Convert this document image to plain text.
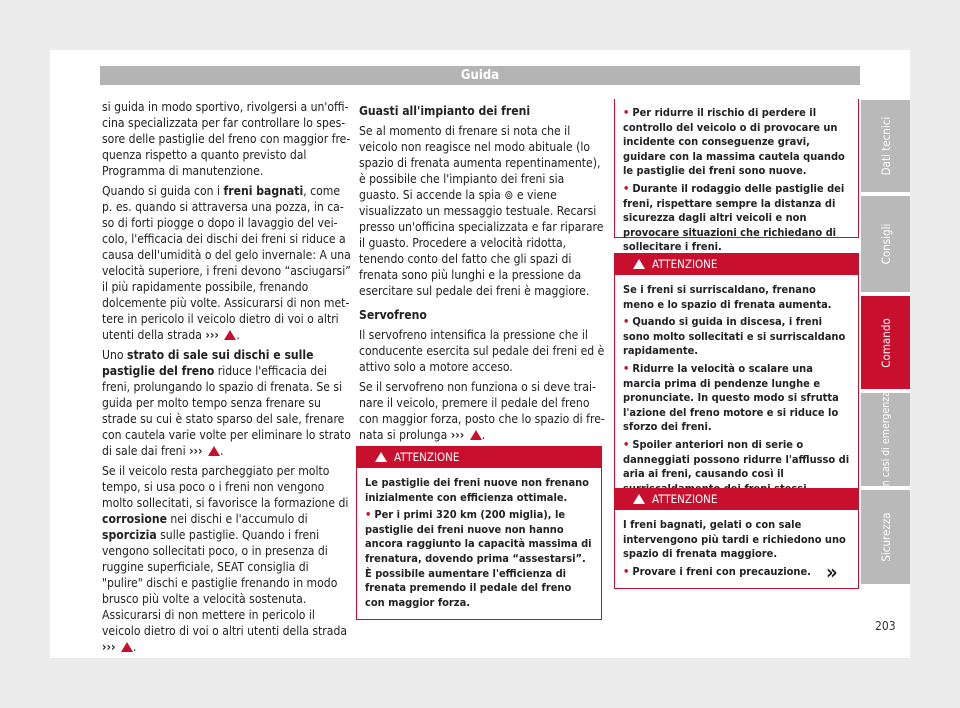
Guida

si guida in modo sportivo, rivolgersi a un'officina specializzata per far controllare lo spessore delle pastiglie del freno con maggior frequenza rispetto a quanto previsto dal Programma di manutenzione.

Quando si guida con i freni bagnati, come p. es. quando si attraversa una pozza, in caso di forti piogge o dopo il lavaggio del veicolo, l'efficacia dei dischi dei freni si riduce a causa dell'umidità o del gelo invernale: A una velocità superiore, i freni devono “asciugarsi” il più rapidamente possibile, frenando dolcemente più volte. Assicurarsi di non mettere in pericolo il veicolo dietro di voi o altri utenti della strada ››› .

Uno strato di sale sui dischi e sulle pastiglie del freno riduce l'efficacia dei freni, prolungando lo spazio di frenata. Se si guida per molto tempo senza frenare su strade su cui è stato sparso del sale, frenare con cautela varie volte per eliminare lo strato di sale dai freni ››› .

Se il veicolo resta parcheggiato per molto tempo, si usa poco o i freni non vengono molto sollecitati, si favorisce la formazione di corrosione nei dischi e l'accumulo di sporcizia sulle pastiglie. Quando i freni vengono sollecitati poco, o in presenza di ruggine superficiale, SEAT consiglia di "pulire" dischi e pastiglie frenando in modo brusco più volte a velocità sostenuta. Assicurarsi di non mettere in pericolo il veicolo dietro di voi o altri utenti della strada ››› .

Guasti all'impianto dei freni

Se al momento di frenare si nota che il veicolo non reagisce nel modo abituale (lo spazio di frenata aumenta repentinamente), è possibile che l'impianto dei freni sia guasto. Si accende la spia ⊚ e viene visualizzato un messaggio testuale. Recarsi presso un'officina specializzata e far riparare il guasto. Procedere a velocità ridotta, tenendo conto del fatto che gli spazi di frenata sono più lunghi e la pressione da esercitare sul pedale dei freni è maggiore.

Servofreno

Il servofreno intensifica la pressione che il conducente esercita sul pedale dei freni ed è attivo solo a motore acceso.

Se il servofreno non funziona o si deve trainare il veicolo, premere il pedale del freno con maggior forza, posto che lo spazio di frenata si prolunga ››› .

ATTENZIONE

Le pastiglie dei freni nuove non frenano inizialmente con efficienza ottimale.

• Per i primi 320 km (200 miglia), le pastiglie dei freni nuove non hanno ancora raggiunto la capacità massima di frenatura, dovendo prima “assestarsi”. È possibile aumentare l'efficienza di frenata premendo il pedale del freno con maggior forza.

• Per ridurre il rischio di perdere il controllo del veicolo o di provocare un incidente con conseguenze gravi, guidare con la massima cautela quando le pastiglie dei freni sono nuove.

• Durante il rodaggio delle pastiglie dei freni, rispettare sempre la distanza di sicurezza dagli altri veicoli e non provocare situazioni che richiedano di sollecitare i freni.

ATTENZIONE

Se i freni si surriscaldano, frenano meno e lo spazio di frenata aumenta.

• Quando si guida in discesa, i freni sono molto sollecitati e si surriscaldano rapidamente.

• Ridurre la velocità o scalare una marcia prima di pendenze lunghe e pronunciate. In questo modo si sfrutta l'azione del freno motore e si riduce lo sforzo dei freni.

• Spoiler anteriori non di serie o danneggiati possono ridurre l'afflusso di aria ai freni, causando così il

ATTENZIONE

I freni bagnati, gelati o con sale intervengono più tardi e richiedono uno spazio di frenata maggiore.

• Provare i freni con precauzione. »
Dati tecnici
Consigli
Comando
In casi di emergenza
Sicurezza
203
